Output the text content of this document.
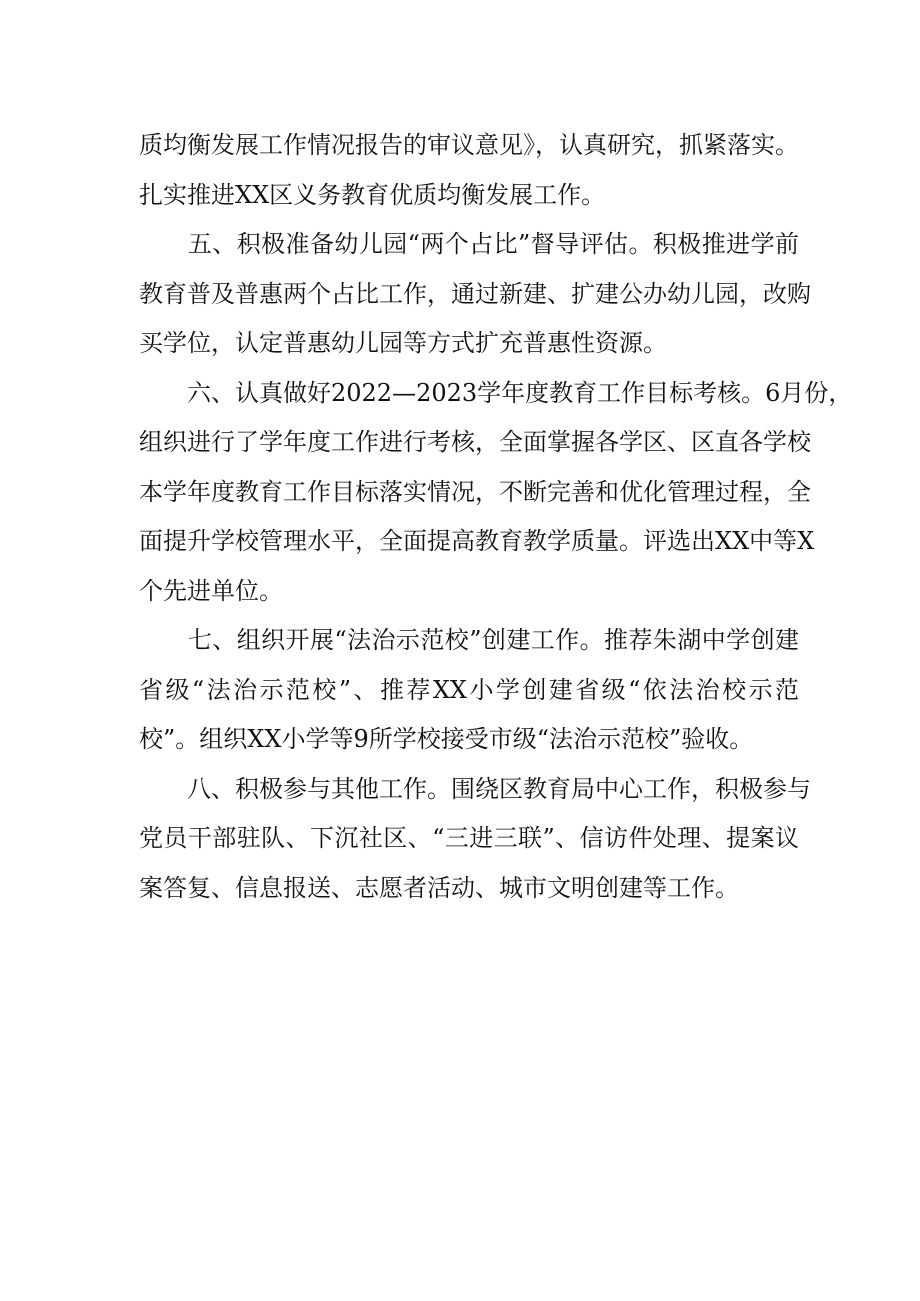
质均衡发展工作情况报告的审议意见》，认真研究，抓紧落实。
扎实推进XX区义务教育优质均衡发展工作。
　　五、积极准备幼儿园“两个占比”督导评估。积极推进学前
教育普及普惠两个占比工作，通过新建、扩建公办幼儿园，改购
买学位，认定普惠幼儿园等方式扩充普惠性资源。
　　六、认真做好2022—2023学年度教育工作目标考核。6月份，
组织进行了学年度工作进行考核，全面掌握各学区、区直各学校
本学年度教育工作目标落实情况，不断完善和优化管理过程，全
面提升学校管理水平，全面提高教育教学质量。评选出XX中等X
个先进单位。
　　七、组织开展“法治示范校”创建工作。推荐朱湖中学创建
省级“法治示范校”、推荐XX小学创建省级“依法治校示范
校”。组织XX小学等9所学校接受市级“法治示范校”验收。
　　八、积极参与其他工作。围绕区教育局中心工作，积极参与
党员干部驻队、下沉社区、“三进三联”、信访件处理、提案议
案答复、信息报送、志愿者活动、城市文明创建等工作。
